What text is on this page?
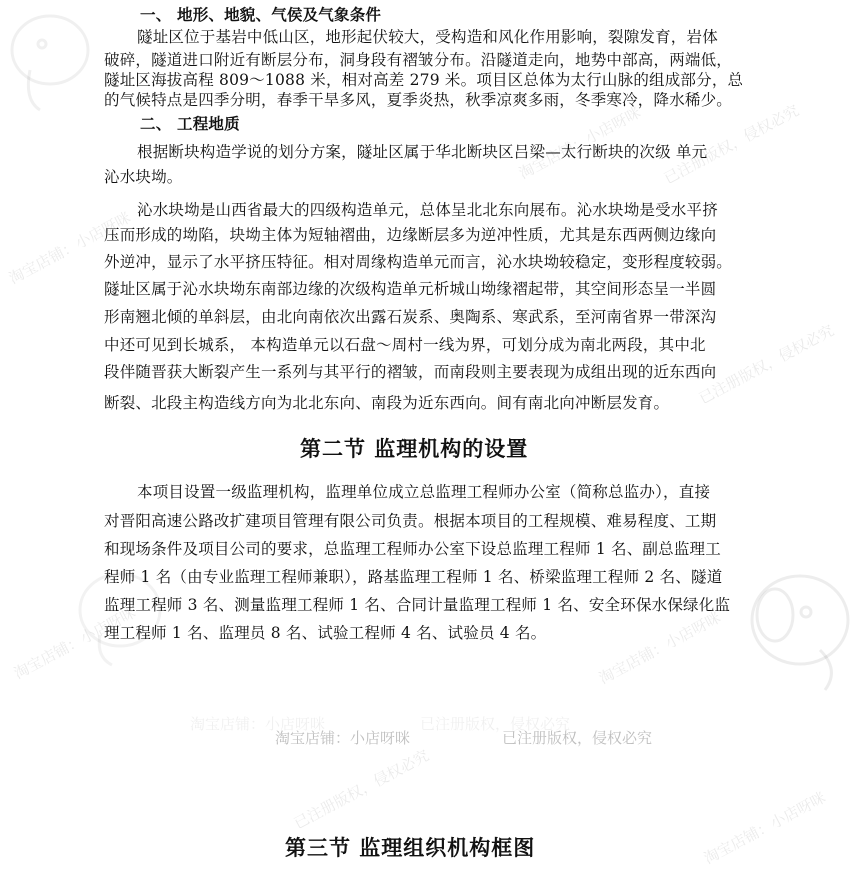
淘宝店铺：小店呀咪
已注册版权，侵权必究
淘宝店铺：小店呀咪
已注册版权，侵权必究
淘宝店铺：小店呀咪	淘宝店铺：小店呀咪
已注册版权，侵权必究	淘宝店铺：小店呀咪
一、 地形、地貌、气侯及气象条件
隧址区位于基岩中低山区，地形起伏较大，受构造和风化作用影响，裂隙发育，岩体
破碎，隧道进口附近有断层分布，洞身段有褶皱分布。沿隧道走向，地势中部高，两端低，
隧址区海拔高程 809～1088 米，相对高差 279 米。项目区总体为太行山脉的组成部分，总
的气候特点是四季分明，春季干旱多风，夏季炎热，秋季凉爽多雨，冬季寒冷，降水稀少。
二、 工程地质
根据断块构造学说的划分方案，隧址区属于华北断块区吕梁—太行断块的次级 单元
沁水块坳。
沁水块坳是山西省最大的四级构造单元，总体呈北北东向展布。沁水块坳是受水平挤
压而形成的坳陷，块坳主体为短轴褶曲，边缘断层多为逆冲性质，尤其是东西两侧边缘向
外逆冲，显示了水平挤压特征。相对周缘构造单元而言，沁水块坳较稳定，变形程度较弱。
隧址区属于沁水块坳东南部边缘的次级构造单元析城山坳缘褶起带，其空间形态呈一半圆
形南翘北倾的单斜层，由北向南依次出露石炭系、奥陶系、寒武系，至河南省界一带深沟
中还可见到长城系， 本构造单元以石盘～周村一线为界，可划分成为南北两段，其中北
段伴随晋获大断裂产生一系列与其平行的褶皱，而南段则主要表现为成组出现的近东西向
断裂、北段主构造线方向为北北东向、南段为近东西向。间有南北向冲断层发育。
第二节 监理机构的设置
本项目设置一级监理机构，监理单位成立总监理工程师办公室（简称总监办），直接
对晋阳高速公路改扩建项目管理有限公司负责。根据本项目的工程规模、难易程度、工期
和现场条件及项目公司的要求，总监理工程师办公室下设总监理工程师 1 名、副总监理工
程师 1 名（由专业监理工程师兼职），路基监理工程师 1 名、桥梁监理工程师 2 名、隧道
监理工程师 3 名、测量监理工程师 1 名、合同计量监理工程师 1 名、安全环保水保绿化监
理工程师 1 名、监理员 8 名、试验工程师 4 名、试验员 4 名。
淘宝店铺：小店呀咪	已注册版权，侵权必究
淘宝店铺：小店呀咪	已注册版权，侵权必究
第三节 监理组织机构框图
